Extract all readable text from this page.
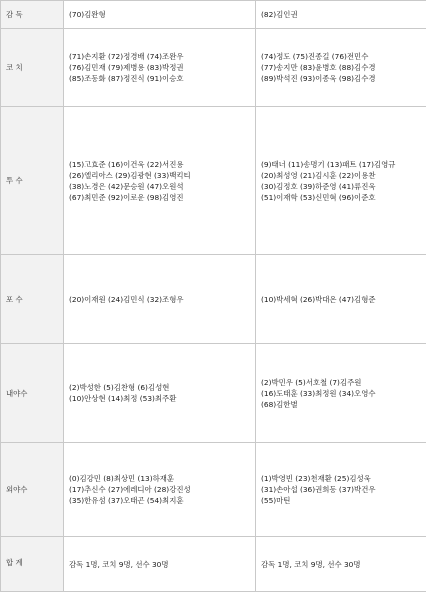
감 독	(70)김완형	(82)김인권

코 치	(71)손지환 (72)정경배 (74)조완우
(76)김민재 (79)제병용 (83)박정권
(85)조동화 (87)정진식 (91)이승호	(74)정도 (75)진종길 (76)전민수
(77)송지만 (83)윤병호 (88)김수경
(89)박석진 (93)이종욱 (98)김수경

투 수	(15)고효준 (16)이건욱 (22)서진용
(26)엘리아스 (29)김광현 (33)백킥티
(38)노경은 (42)문승원 (47)오원석
(67)최민준 (92)이로운 (98)김영진	(9)태너 (11)송명기 (13)패트 (17)김영규
(20)최성영 (21)김시훈 (22)이용찬
(30)김정호 (39)하준영 (41)류진욱
(51)이재학 (53)신민혁 (96)이준호

포 수	(20)이재원 (24)김민식 (32)조형우	(10)박세혁 (26)박대온 (47)김형준

내야수	(2)박성한 (5)김찬형 (6)김성현
(10)안상현 (14)최정 (53)최주환	(2)박민우 (5)서호철 (7)김주원
(16)도태훈 (33)최정원 (34)오영수
(68)김한별

외야수	(0)김강민 (8)최상민 (13)하재훈
(17)추신수 (27)에레디아 (28)강진성
(35)한유섬 (37)오태곤 (54)최지훈	(1)박영빈 (23)천재환 (25)김성욱
(31)손아섭 (36)권희동 (37)박건우
(55)마틴

합 계	감독 1명, 코치 9명, 선수 30명	감독 1명, 코치 9명, 선수 30명
